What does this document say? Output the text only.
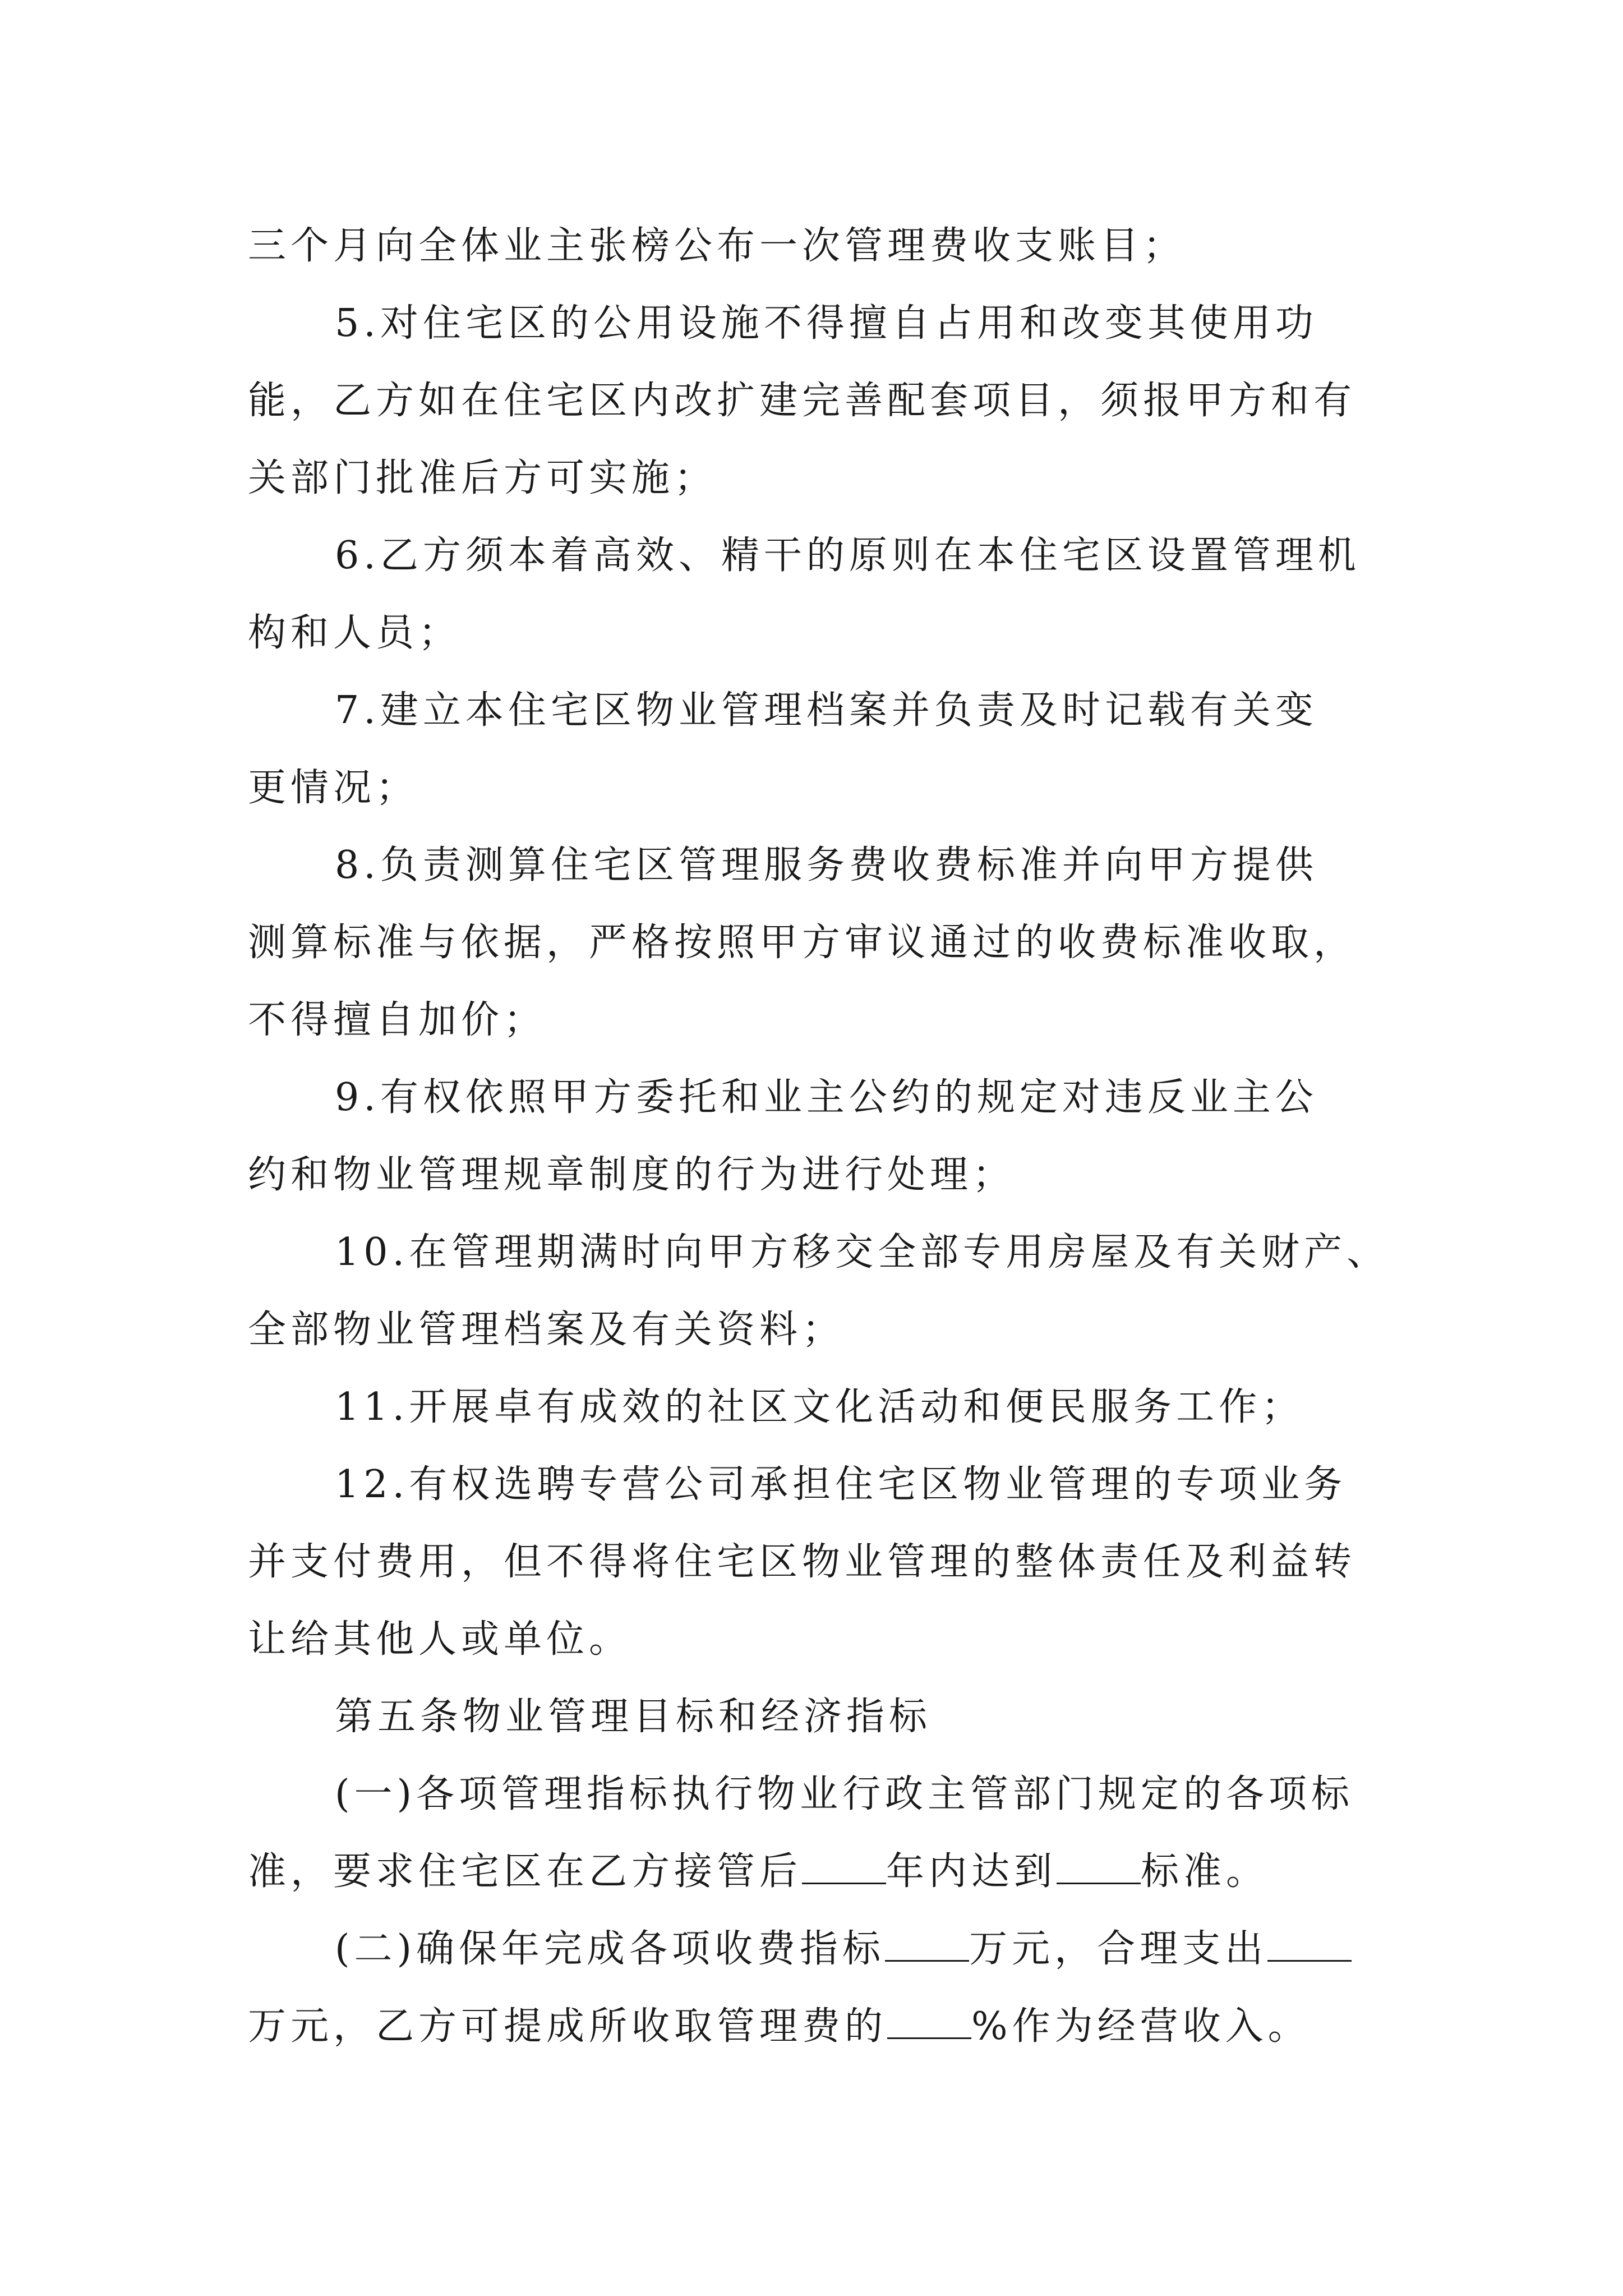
三个月向全体业主张榜公布一次管理费收支账目；
5.对住宅区的公用设施不得擅自占用和改变其使用功
能，乙方如在住宅区内改扩建完善配套项目，须报甲方和有
关部门批准后方可实施；
6.乙方须本着高效、精干的原则在本住宅区设置管理机
构和人员；
7.建立本住宅区物业管理档案并负责及时记载有关变
更情况；
8.负责测算住宅区管理服务费收费标准并向甲方提供
测算标准与依据，严格按照甲方审议通过的收费标准收取，
不得擅自加价；
9.有权依照甲方委托和业主公约的规定对违反业主公
约和物业管理规章制度的行为进行处理；
10.在管理期满时向甲方移交全部专用房屋及有关财产、
全部物业管理档案及有关资料；
11.开展卓有成效的社区文化活动和便民服务工作；
12.有权选聘专营公司承担住宅区物业管理的专项业务
并支付费用，但不得将住宅区物业管理的整体责任及利益转
让给其他人或单位。
第五条物业管理目标和经济指标
(一)各项管理指标执行物业行政主管部门规定的各项标
准，要求住宅区在乙方接管后 年内达到 标准。
(二)确保年完成各项收费指标 万元，合理支出
万元，乙方可提成所收取管理费的 %作为经营收入。
